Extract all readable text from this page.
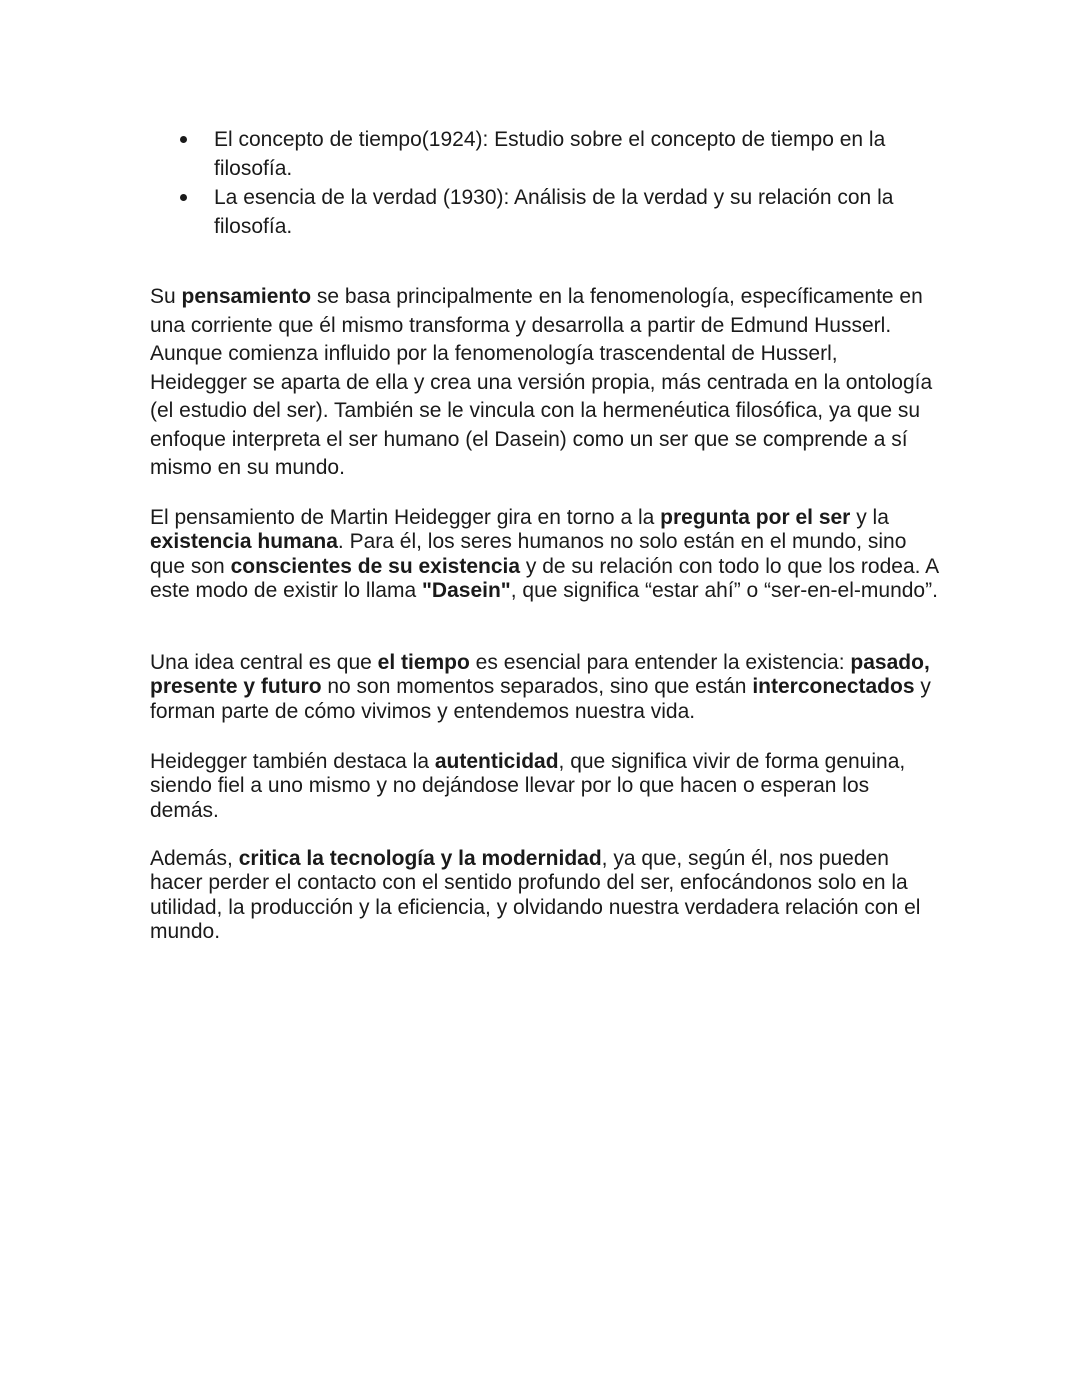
El concepto de tiempo(1924): Estudio sobre el concepto de tiempo en la filosofía.
La esencia de la verdad (1930): Análisis de la verdad y su relación con la filosofía.

Su pensamiento se basa principalmente en la fenomenología, específicamente en una corriente que él mismo transforma y desarrolla a partir de Edmund Husserl. Aunque comienza influido por la fenomenología trascendental de Husserl, Heidegger se aparta de ella y crea una versión propia, más centrada en la ontología (el estudio del ser). También se le vincula con la hermenéutica filosófica, ya que su enfoque interpreta el ser humano (el Dasein) como un ser que se comprende a sí mismo en su mundo.

El pensamiento de Martin Heidegger gira en torno a la pregunta por el ser y la existencia humana. Para él, los seres humanos no solo están en el mundo, sino que son conscientes de su existencia y de su relación con todo lo que los rodea. A este modo de existir lo llama "Dasein", que significa “estar ahí” o “ser-en-el-mundo”.

Una idea central es que el tiempo es esencial para entender la existencia: pasado, presente y futuro no son momentos separados, sino que están interconectados y forman parte de cómo vivimos y entendemos nuestra vida.

Heidegger también destaca la autenticidad, que significa vivir de forma genuina, siendo fiel a uno mismo y no dejándose llevar por lo que hacen o esperan los demás.

Además, critica la tecnología y la modernidad, ya que, según él, nos pueden hacer perder el contacto con el sentido profundo del ser, enfocándonos solo en la utilidad, la producción y la eficiencia, y olvidando nuestra verdadera relación con el mundo.
